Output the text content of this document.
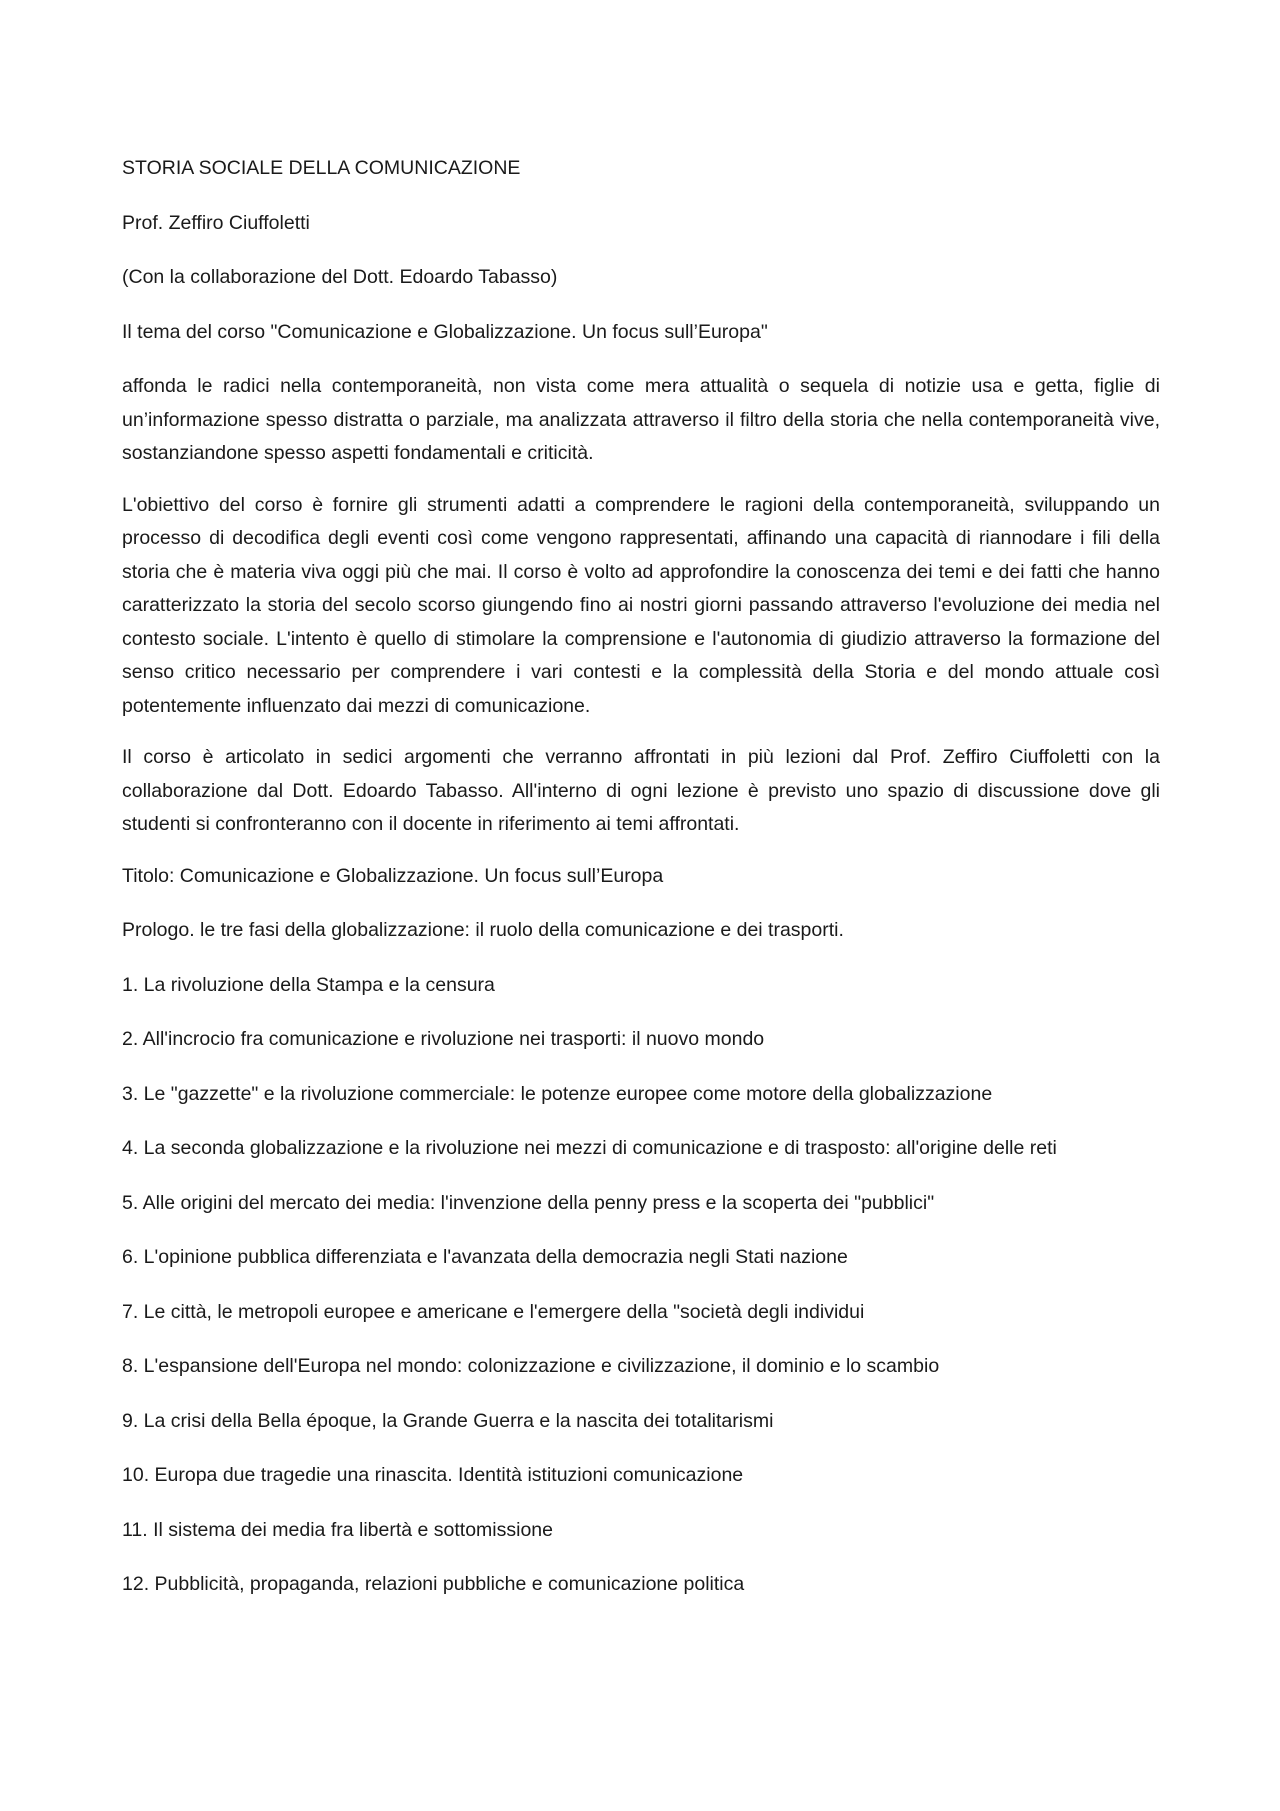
STORIA SOCIALE DELLA COMUNICAZIONE

Prof. Zeffiro Ciuffoletti

(Con la collaborazione del Dott. Edoardo Tabasso)

Il tema del corso "Comunicazione e Globalizzazione. Un focus sull’Europa"

affonda le radici nella contemporaneità, non vista come mera attualità o sequela di notizie usa e getta, figlie di un’informazione spesso distratta o parziale, ma analizzata attraverso il filtro della storia che nella contemporaneità vive, sostanziandone spesso aspetti fondamentali e criticità.

L'obiettivo del corso è fornire gli strumenti adatti a comprendere le ragioni della contemporaneità, sviluppando un processo di decodifica degli eventi così come vengono rappresentati, affinando una capacità di riannodare i fili della storia che è materia viva oggi più che mai. Il corso è volto ad approfondire la conoscenza dei temi e dei fatti che hanno caratterizzato la storia del secolo scorso giungendo fino ai nostri giorni passando attraverso l'evoluzione dei media nel contesto sociale. L'intento è quello di stimolare la comprensione e l'autonomia di giudizio attraverso la formazione del senso critico necessario per comprendere i vari contesti e la complessità della Storia e del mondo attuale così potentemente influenzato dai mezzi di comunicazione.

Il corso è articolato in sedici argomenti che verranno affrontati in più lezioni dal Prof. Zeffiro Ciuffoletti con la collaborazione dal Dott. Edoardo Tabasso. All'interno di ogni lezione è previsto uno spazio di discussione dove gli studenti si confronteranno con il docente in riferimento ai temi affrontati.

Titolo: Comunicazione e Globalizzazione. Un focus sull’Europa

Prologo. le tre fasi della globalizzazione: il ruolo della comunicazione e dei trasporti.

1. La rivoluzione della Stampa e la censura
2. All'incrocio fra comunicazione e rivoluzione nei trasporti: il nuovo mondo
3. Le "gazzette" e la rivoluzione commerciale: le potenze europee come motore della globalizzazione
4. La seconda globalizzazione e la rivoluzione nei mezzi di comunicazione e di trasposto: all'origine delle reti
5. Alle origini del mercato dei media: l'invenzione della penny press e la scoperta dei "pubblici"
6. L'opinione pubblica differenziata e l'avanzata della democrazia negli Stati nazione
7. Le città, le metropoli europee e americane e l'emergere della "società degli individui
8. L'espansione dell'Europa nel mondo: colonizzazione e civilizzazione, il dominio e lo scambio
9. La crisi della Bella époque, la Grande Guerra e la nascita dei totalitarismi
10. Europa due tragedie una rinascita. Identità istituzioni comunicazione
11. Il sistema dei media fra libertà e sottomissione
12. Pubblicità, propaganda, relazioni pubbliche e comunicazione politica
